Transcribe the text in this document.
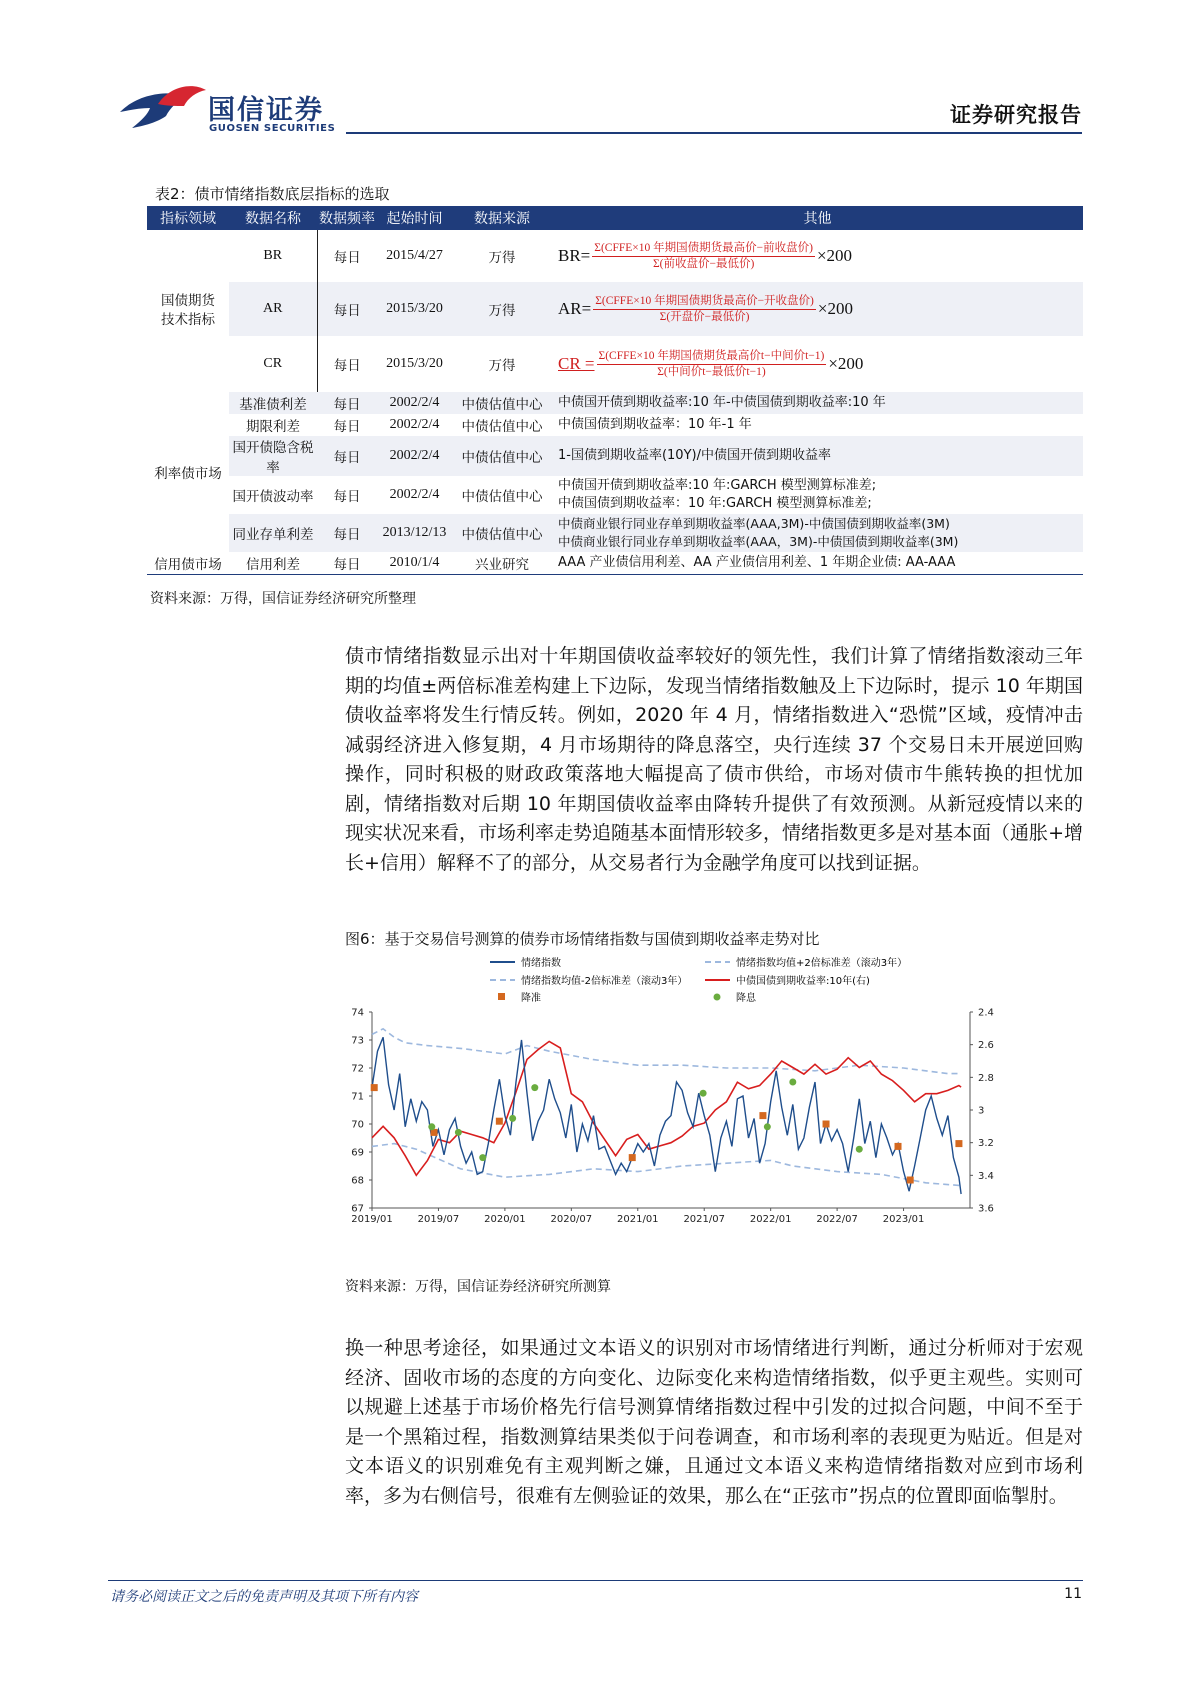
国信证券
GUOSEN SECURITIES
证券研究报告
表2：债市情绪指数底层指标的选取
指标领域	数据名称	数据频率	起始时间	数据来源	其他
国债期货技术指标	BR	每日	2015/4/27	万得	$BR= \frac{\text{Σ(CFFE×10 年期国债期货最高价−前收盘价)}}{\text{Σ(前收盘价−最低价)}} \times 200$

	AR	每日	2015/3/20	万得	$AR= \frac{\text{Σ(CFFE×10 年期国债期货最高价−开收盘价)}}{\text{Σ(开盘价−最低价)}} \times 200$

	CR	每日	2015/3/20	万得	CR = $\frac{\text{Σ(CFFE×10 年期国债期货最高价t−中间价t−1)}}{\text{Σ(中间价t−最低价t−1)}} \times 200$

利率债市场	基准债利差	每日	2002/2/4	中债估值中心	中债国开债到期收益率:10 年-中债国债到期收益率:10 年
	期限利差	每日	2002/2/4	中债估值中心	中债国债到期收益率：10 年-1 年
	国开债隐含税率	每日	2002/2/4	中债估值中心	1-国债到期收益率(10Y)/中债国开债到期收益率
	国开债波动率	每日	2002/2/4	中债估值中心	中债国开债到期收益率:10 年:GARCH 模型测算标准差;
中债国债到期收益率：10 年:GARCH 模型测算标准差;

	同业存单利差	每日	2013/12/13	中债估值中心	中债商业银行同业存单到期收益率(AAA,3M)-中债国债到期收益率(3M)
中债商业银行同业存单到期收益率(AAA，3M)-中债国债到期收益率(3M)

信用债市场	信用利差	每日	2010/1/4	兴业研究	AAA 产业债信用利差、AA 产业债信用利差、1 年期企业债: AA-AAA
资料来源：万得，国信证券经济研究所整理
债市情绪指数显示出对十年期国债收益率较好的领先性，我们计算了情绪指数滚动三年期的均值±两倍标准差构建上下边际，发现当情绪指数触及上下边际时，提示 10 年期国债收益率将发生行情反转。例如，2020 年 4 月，情绪指数进入“恐慌”区域，疫情冲击减弱经济进入修复期，4 月市场期待的降息落空，央行连续 37 个交易日未开展逆回购操作，同时积极的财政政策落地大幅提高了债市供给，市场对债市牛熊转换的担忧加剧，情绪指数对后期 10 年期国债收益率由降转升提供了有效预测。从新冠疫情以来的现实状况来看，市场利率走势追随基本面情形较多，情绪指数更多是对基本面（通胀+增长+信用）解释不了的部分，从交易者行为金融学角度可以找到证据。
图6：基于交易信号测算的债券市场情绪指数与国债到期收益率走势对比
情绪指数	情绪指数均值+2倍标准差（滚动3年）
情绪指数均值-2倍标准差（滚动3年）	中债国债到期收益率:10年(右)
降准	降息
74
73
72
71
70
69
68
67
2.4
2.6
2.8
3
3.2
3.4
3.6
2019/01 2019/07 2020/01 2020/07 2021/01 2021/07 2022/01 2022/07 2023/01
资料来源：万得，国信证券经济研究所测算
换一种思考途径，如果通过文本语义的识别对市场情绪进行判断，通过分析师对于宏观经济、固收市场的态度的方向变化、边际变化来构造情绪指数，似乎更主观些。实则可以规避上述基于市场价格先行信号测算情绪指数过程中引发的过拟合问题，中间不至于是一个黑箱过程，指数测算结果类似于问卷调查，和市场利率的表现更为贴近。但是对文本语义的识别难免有主观判断之嫌，且通过文本语义来构造情绪指数对应到市场利率，多为右侧信号，很难有左侧验证的效果，那么在“正弦市”拐点的位置即面临掣肘。
请务必阅读正文之后的免责声明及其项下所有内容	11
